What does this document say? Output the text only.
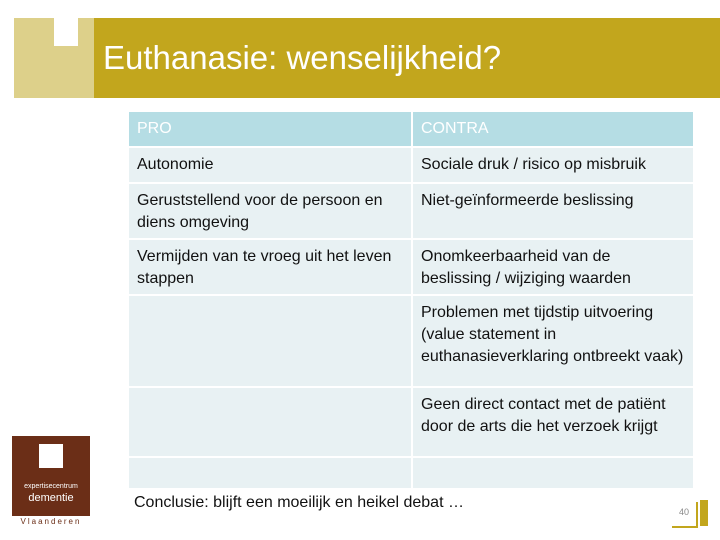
Euthanasie: wenselijkheid?
PRO	CONTRA
Autonomie	Sociale druk / risico op misbruik
Geruststellend voor de persoon en diens omgeving	Niet-geïnformeerde beslissing
Vermijden van te vroeg uit het leven stappen	Onomkeerbaarheid van de beslissing / wijziging waarden
	Problemen met tijdstip uitvoering (value statement in euthanasieverklaring ontbreekt vaak)
	Geen direct contact met de patiënt door de arts die het verzoek krijgt

Conclusie: blijft een moeilijk en heikel debat …
expertisecentrum
dementie
Vlaanderen
40
